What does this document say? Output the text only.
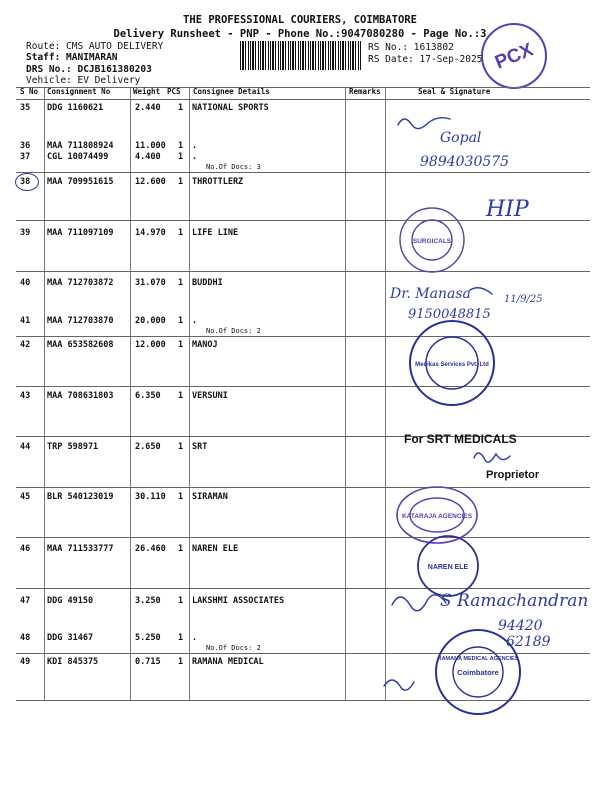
THE PROFESSIONAL COURIERS, COIMBATORE
Delivery Runsheet - PNP - Phone No.:9047080280 - Page No.:3
Route: CMS AUTO DELIVERY
Staff: MANIMARAN
DRS No.: DCJB161380203
Vehicle: EV Delivery
RS No.: 1613802
RS Date: 17-Sep-2025 PCX
S No Consignment No	Weight PCS Consignee Details	Remarks	Seal & Signature
35 DDG 1160621	2.440 1 NATIONAL SPORTS
36 MAA 711808924	11.000 1 .
37 CGL 10074499	4.400 1 .
No.Of Docs: 3
38 MAA 709951615	12.600 1 THROTTLERZ
39 MAA 711097109	14.970 1 LIFE LINE
40 MAA 712703872	31.070 1 BUDDHI
41 MAA 712703870	20.000 1 .
No.Of Docs: 2
42 MAA 653582608	12.000 1 MANOJ
43 MAA 708631803	6.350 1 VERSUNI
44 TRP 598971	2.650 1 SRT
45 BLR 540123019	30.110 1 SIRAMAN
46 MAA 711533777	26.460 1 NAREN ELE
47 DDG 49150	3.250 1 LAKSHMI ASSOCIATES
48 DDG 31467	5.250 1 .
No.Of Docs: 2
49 KDI 845375	0.715 1 RAMANA MEDICAL
Gopal
9894030575
HIP
Dr. Manasa	11/9/25
9150048815
S Ramachandran
94420
62189
SURGICALS
Medikas Services Pvt. Ltd
For SRT MEDICALS
Proprietor
KATARAJA AGENCIES
NAREN ELE
RAMANA MEDICAL AGENCIES
Coimbatore
